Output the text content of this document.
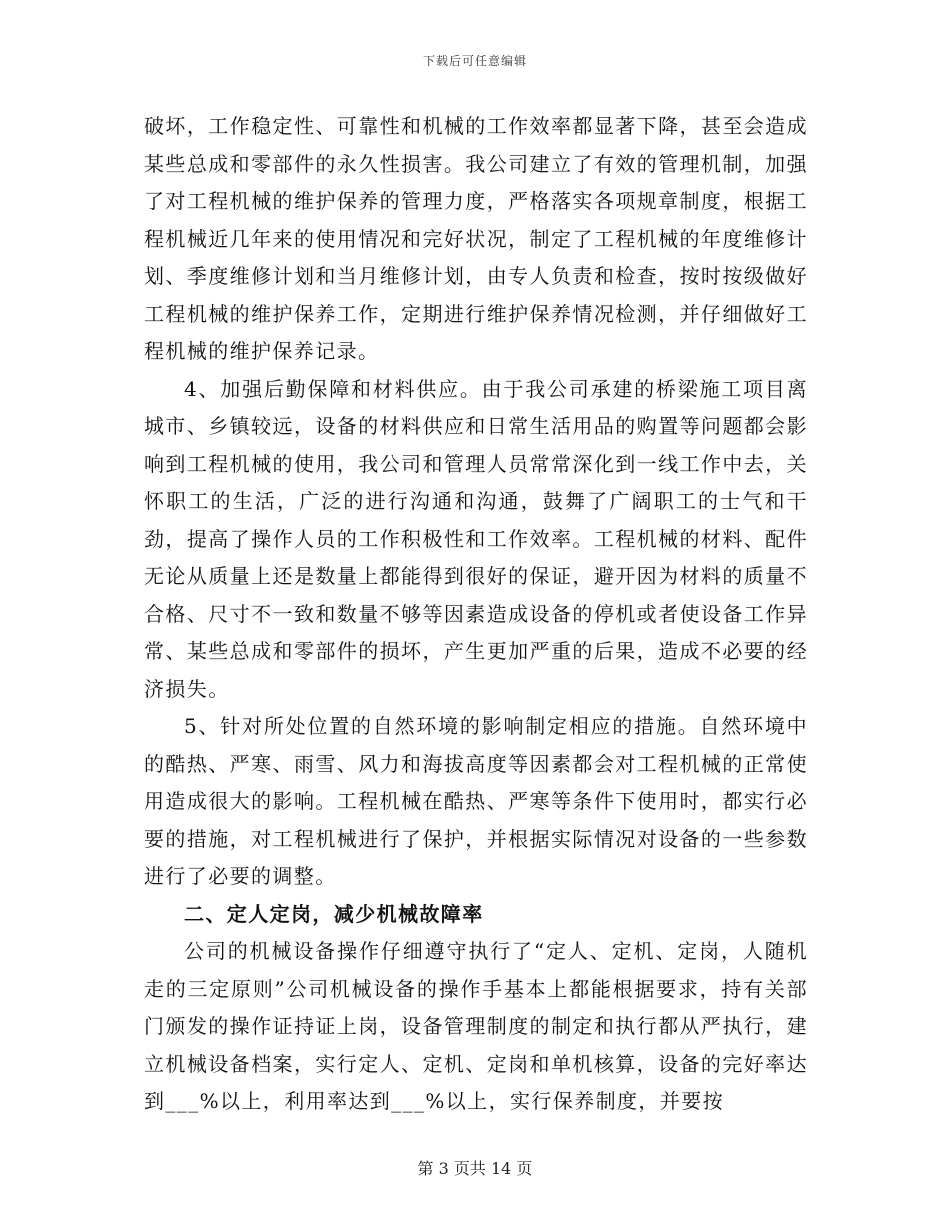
下载后可任意编辑

破坏，工作稳定性、可靠性和机械的工作效率都显著下降，甚至会造成某些总成和零部件的永久性损害。我公司建立了有效的管理机制，加强了对工程机械的维护保养的管理力度，严格落实各项规章制度，根据工程机械近几年来的使用情况和完好状况，制定了工程机械的年度维修计划、季度维修计划和当月维修计划，由专人负责和检查，按时按级做好工程机械的维护保养工作，定期进行维护保养情况检测，并仔细做好工程机械的维护保养记录。

4、加强后勤保障和材料供应。由于我公司承建的桥梁施工项目离城市、乡镇较远，设备的材料供应和日常生活用品的购置等问题都会影响到工程机械的使用，我公司和管理人员常常深化到一线工作中去，关怀职工的生活，广泛的进行沟通和沟通，鼓舞了广阔职工的士气和干劲，提高了操作人员的工作积极性和工作效率。工程机械的材料、配件无论从质量上还是数量上都能得到很好的保证，避开因为材料的质量不合格、尺寸不一致和数量不够等因素造成设备的停机或者使设备工作异常、某些总成和零部件的损坏，产生更加严重的后果，造成不必要的经济损失。

5、针对所处位置的自然环境的影响制定相应的措施。自然环境中的酷热、严寒、雨雪、风力和海拔高度等因素都会对工程机械的正常使用造成很大的影响。工程机械在酷热、严寒等条件下使用时，都实行必要的措施，对工程机械进行了保护，并根据实际情况对设备的一些参数进行了必要的调整。

二、定人定岗，减少机械故障率

公司的机械设备操作仔细遵守执行了“定人、定机、定岗，人随机走的三定原则”公司机械设备的操作手基本上都能根据要求，持有关部门颁发的操作证持证上岗，设备管理制度的制定和执行都从严执行，建立机械设备档案，实行定人、定机、定岗和单机核算，设备的完好率达到___%以上，利用率达到___%以上，实行保养制度，并要按

第 3 页共 14 页
